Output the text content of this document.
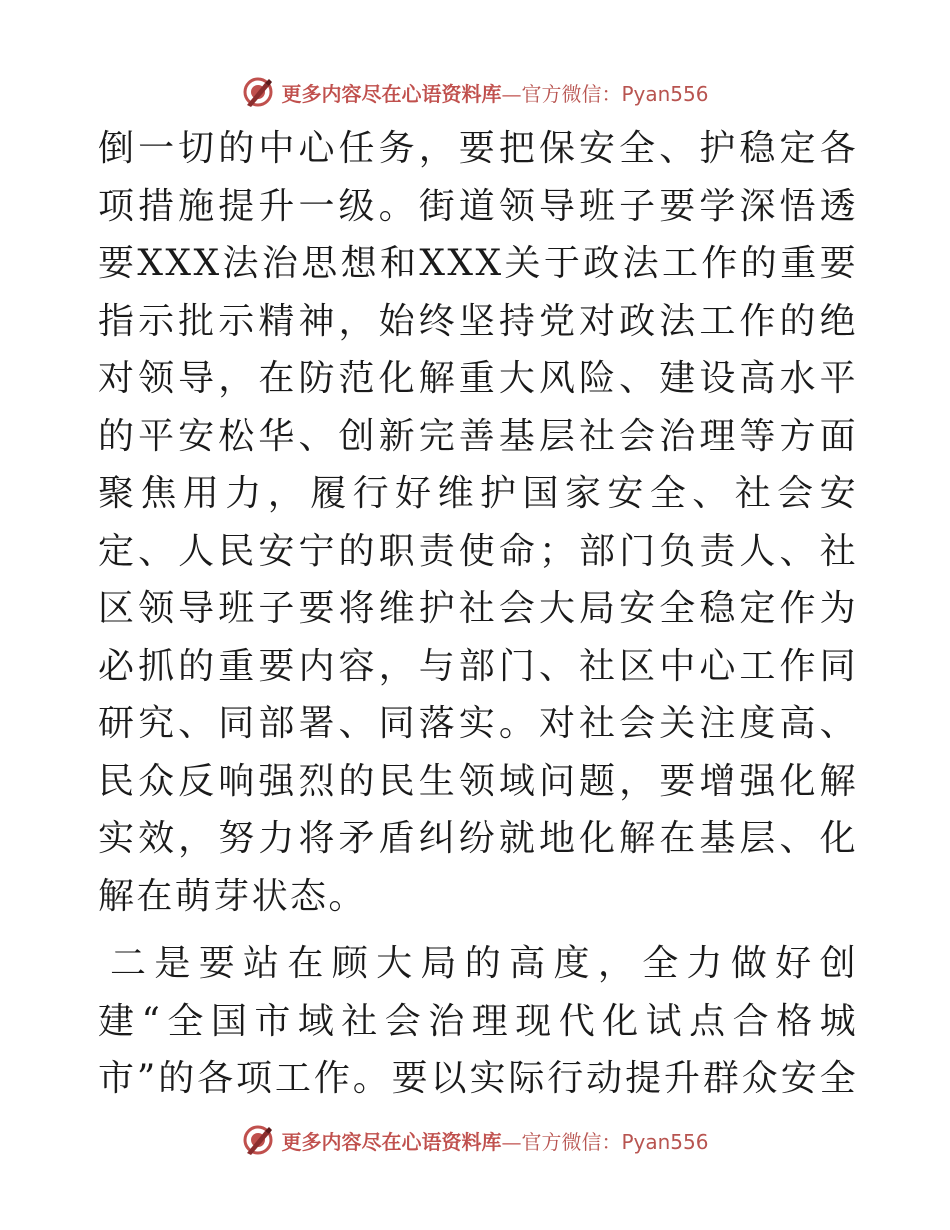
更多内容尽在心语资料库—官方微信：Pyan556

倒一切的中心任务，要把保安全、护稳定各项措施提升一级。街道领导班子要学深悟透要XXX法治思想和XXX关于政法工作的重要指示批示精神，始终坚持党对政法工作的绝对领导，在防范化解重大风险、建设高水平的平安松华、创新完善基层社会治理等方面聚焦用力，履行好维护国家安全、社会安定、人民安宁的职责使命；部门负责人、社区领导班子要将维护社会大局安全稳定作为必抓的重要内容，与部门、社区中心工作同研究、同部署、同落实。对社会关注度高、民众反响强烈的民生领域问题，要增强化解实效，努力将矛盾纠纷就地化解在基层、化解在萌芽状态。

二是要站在顾大局的高度，全力做好创建“全国市域社会治理现代化试点合格城市”的各项工作。要以实际行动提升群众安全

更多内容尽在心语资料库—官方微信：Pyan556
